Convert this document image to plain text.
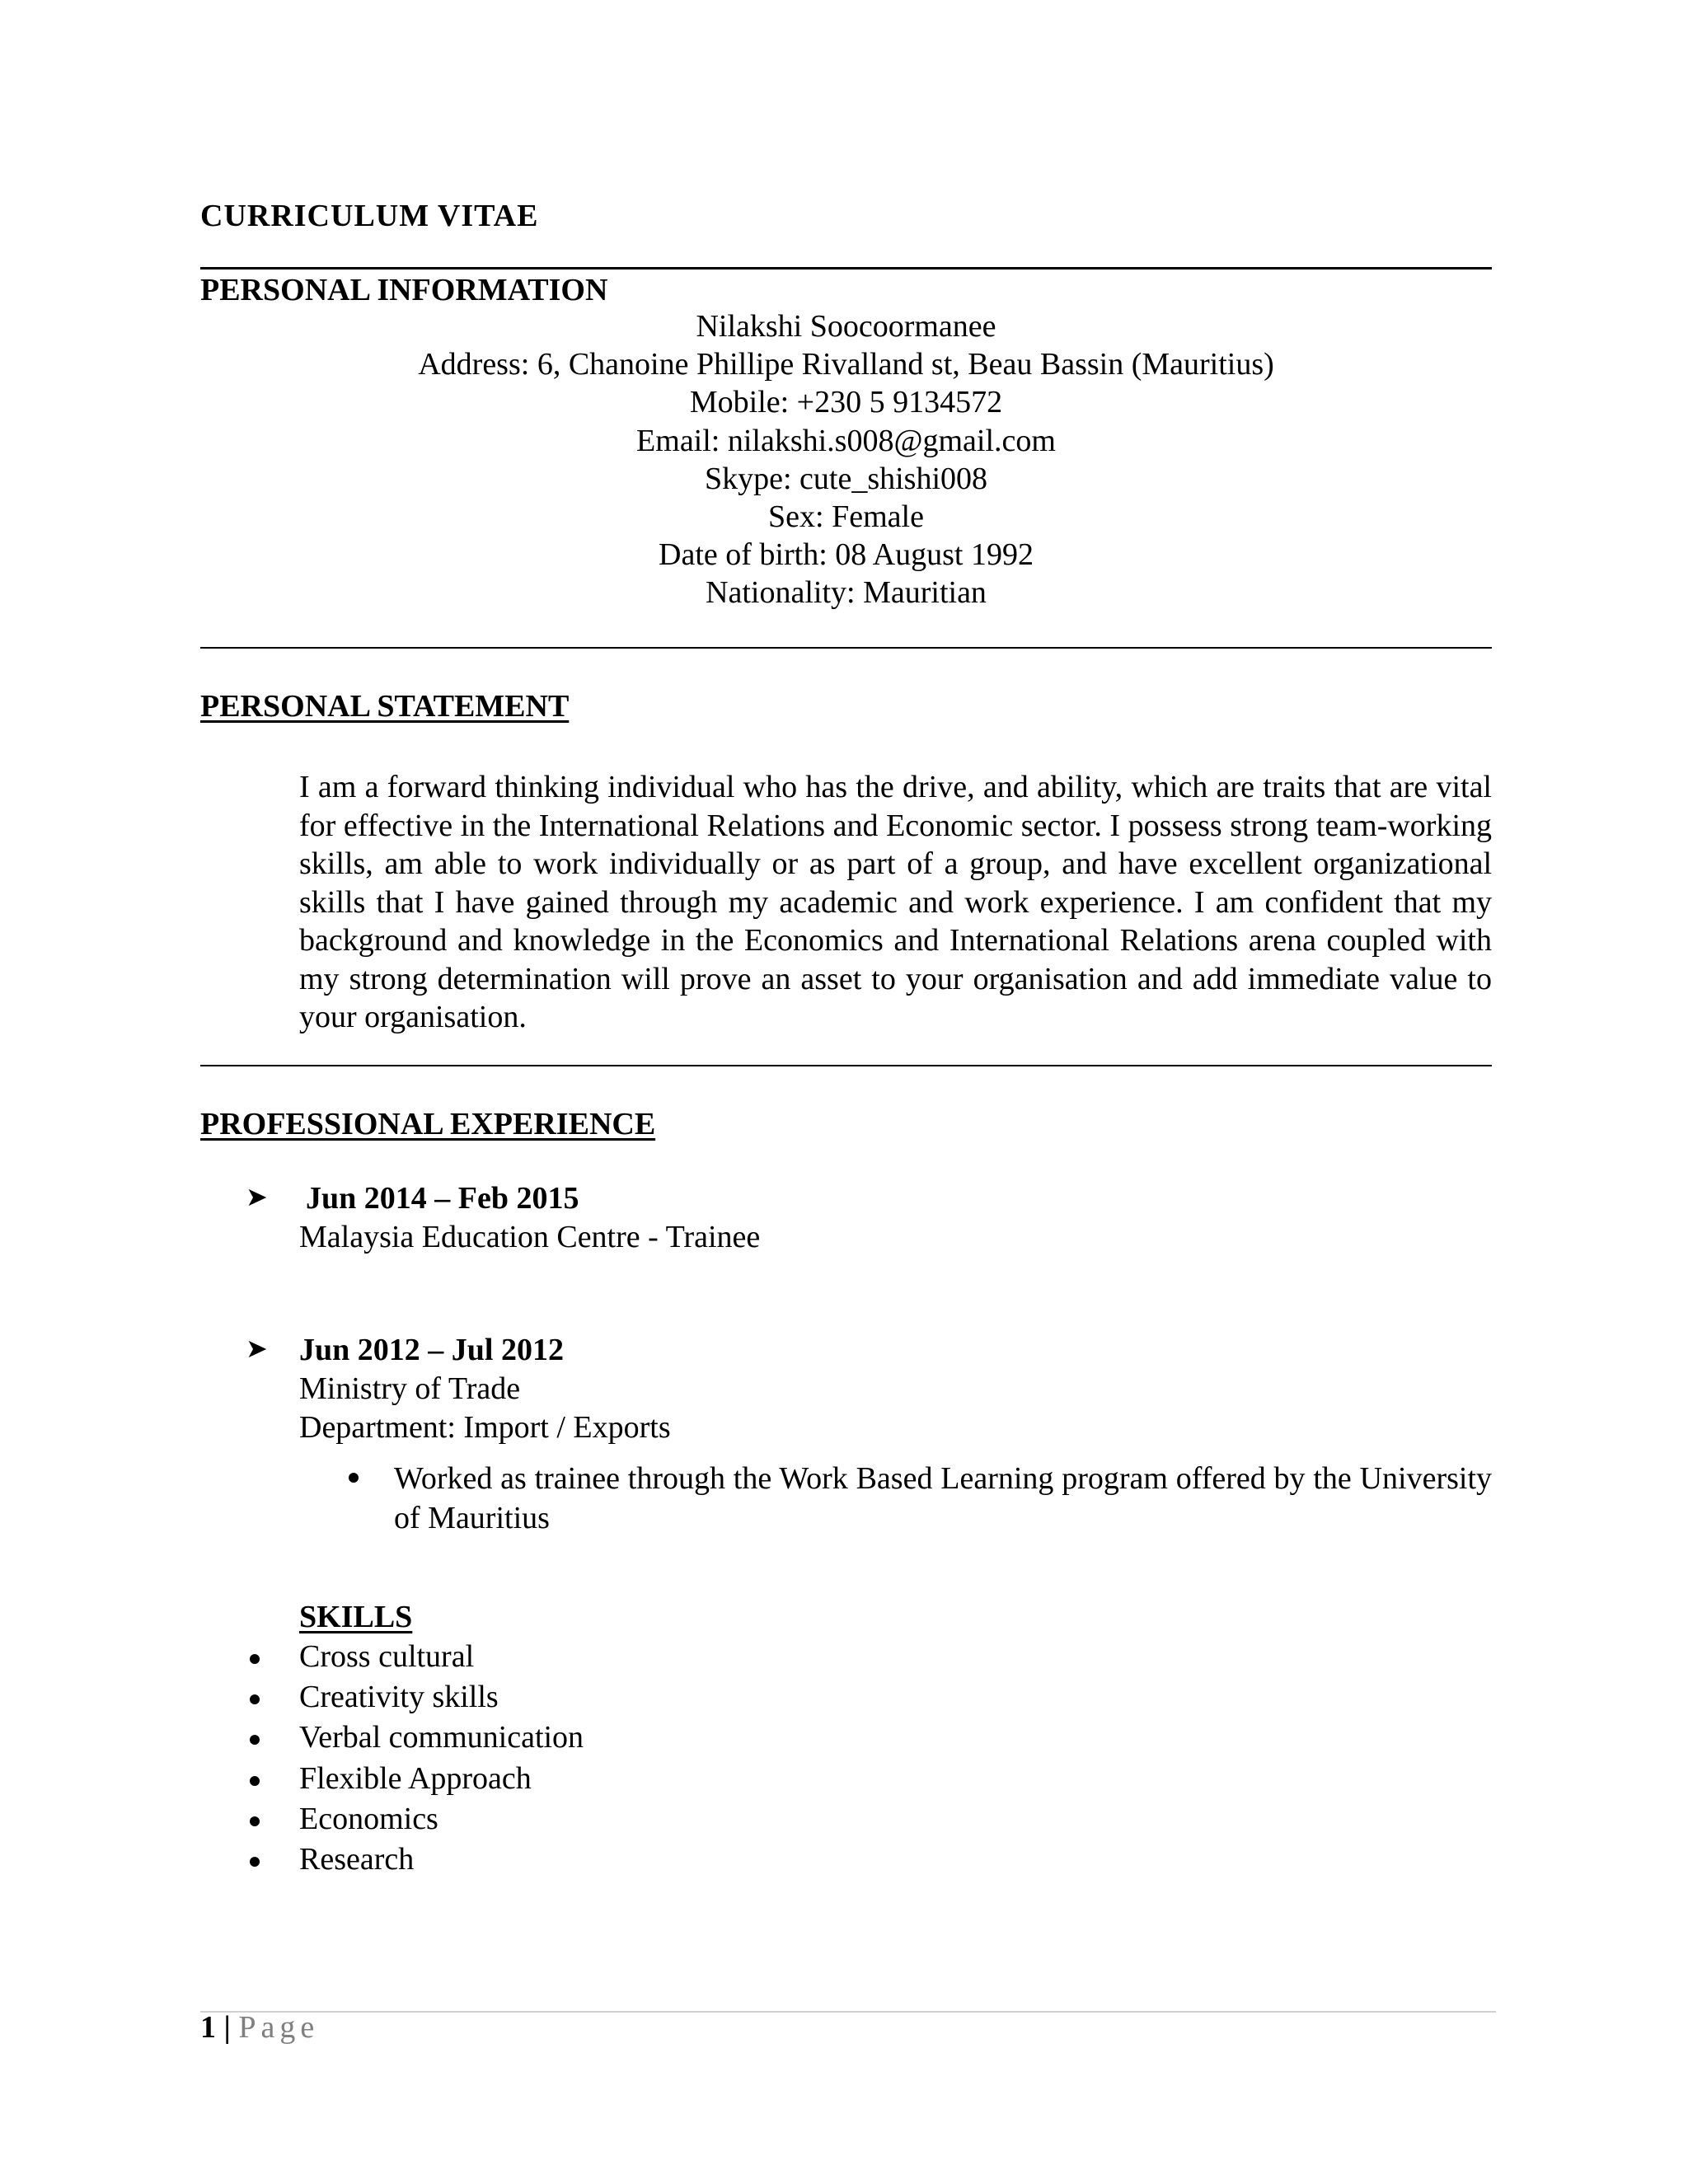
CURRICULUM VITAE
PERSONAL INFORMATION
Nilakshi Soocoormanee
Address: 6, Chanoine Phillipe Rivalland st, Beau Bassin (Mauritius)
Mobile: +230 5 9134572
Email: nilakshi.s008@gmail.com
Skype: cute_shishi008
Sex: Female
Date of birth: 08 August 1992
Nationality: Mauritian
PERSONAL STATEMENT
I am a forward thinking individual who has the drive, and ability, which are traits that are vital for effective in the International Relations and Economic sector. I possess strong team-working skills, am able to work individually or as part of a group, and have excellent organizational skills that I have gained through my academic and work experience. I am confident that my background and knowledge in the Economics and International Relations arena coupled with my strong determination will prove an asset to your organisation and add immediate value to your organisation.
PROFESSIONAL EXPERIENCE
➤ Jun 2014 – Feb 2015
Malaysia Education Centre - Trainee
➤ Jun 2012 – Jul 2012
Ministry of Trade
Department: Import / Exports
Worked as trainee through the Work Based Learning program offered by the University of Mauritius
SKILLS
Cross cultural
Creativity skills
Verbal communication
Flexible Approach
Economics
Research
1 | Page
